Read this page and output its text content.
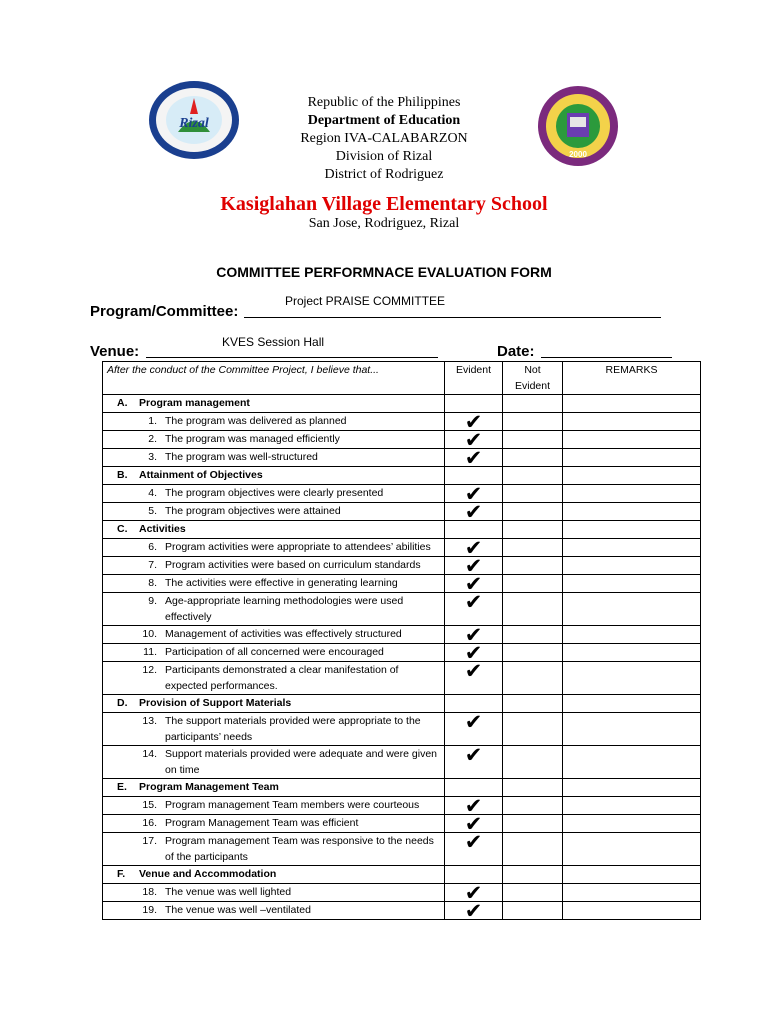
Rizal
2000
Republic of the Philippines
Department of Education
Region IVA-CALABARZON
Division of Rizal
District of Rodriguez
Kasiglahan Village Elementary School
San Jose, Rodriguez, Rizal
COMMITTEE PERFORMNACE EVALUATION FORM
Project PRAISE COMMITTEE
Program/Committee:
KVES Session Hall
Venue:	Date:
After the conduct of the Committee Project, I believe that...	Evident	Not Evident	REMARKS
A. Program management			

1. The program was delivered as planned	✔		

2. The program was managed efficiently	✔		

3. The program was well-structured	✔		

B. Attainment of Objectives			

4. The program objectives were clearly presented	✔		

5. The program objectives were attained	✔		

C. Activities			

6. Program activities were appropriate to attendees’ abilities	✔		

7. Program activities were based on curriculum standards	✔		

8. The activities were effective in generating learning	✔		

9. Age-appropriate learning methodologies were used effectively	✔		

10. Management of activities was effectively structured	✔		

11. Participation of all concerned were encouraged	✔		

12. Participants demonstrated a clear manifestation of expected performances.	✔		

D. Provision of Support Materials			

13. The support materials provided were appropriate to the participants’ needs	✔		

14. Support materials provided were adequate and were given on time	✔		

E. Program Management Team			

15. Program management Team members were courteous	✔		

16. Program Management Team was efficient	✔		

17. Program management Team was responsive to the needs of the participants	✔		

F. Venue and Accommodation			

18. The venue was well lighted	✔		

19. The venue was well –ventilated	✔		
